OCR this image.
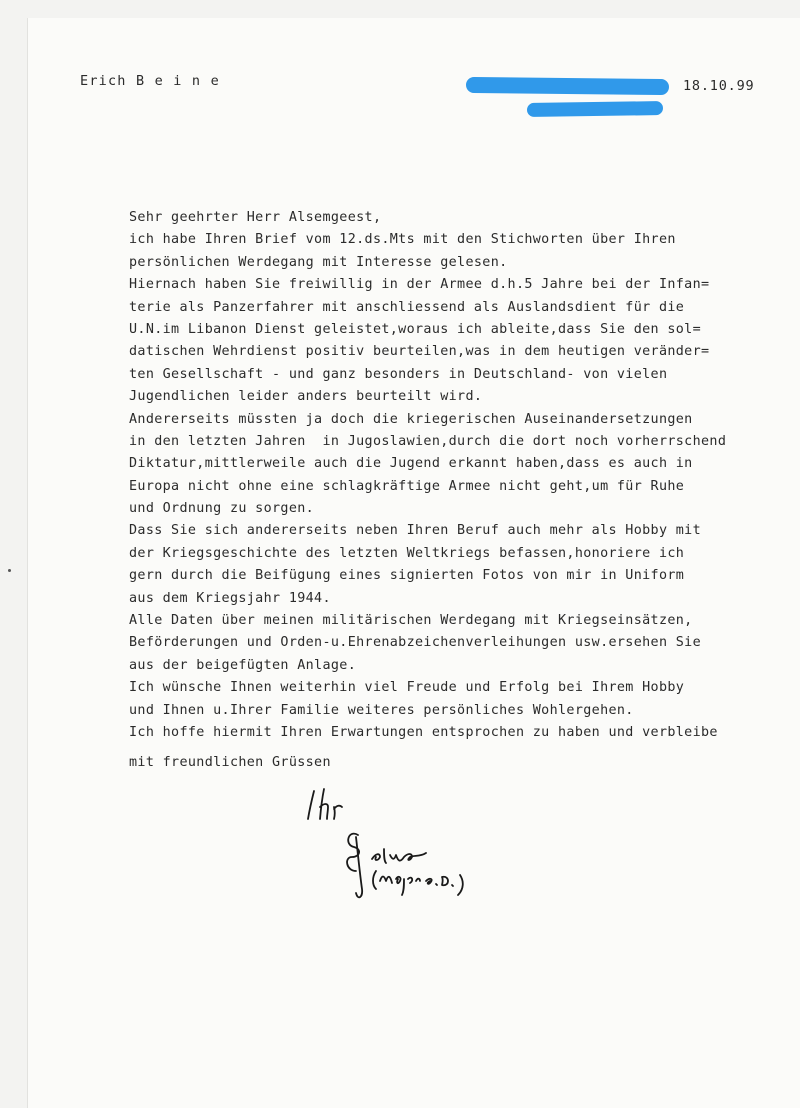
Erich B e i n e	18.10.99
Sehr geehrter Herr Alsemgeest,
ich habe Ihren Brief vom 12.ds.Mts mit den Stichworten über Ihren
persönlichen Werdegang mit Interesse gelesen.
Hiernach haben Sie freiwillig in der Armee d.h.5 Jahre bei der Infan=
terie als Panzerfahrer mit anschliessend als Auslandsdient für die
U.N.im Libanon Dienst geleistet,woraus ich ableite,dass Sie den sol=
datischen Wehrdienst positiv beurteilen,was in dem heutigen veränder=
ten Gesellschaft - und ganz besonders in Deutschland- von vielen
Jugendlichen leider anders beurteilt wird.
Andererseits müssten ja doch die kriegerischen Auseinandersetzungen
in den letzten Jahren  in Jugoslawien,durch die dort noch vorherrschend
Diktatur,mittlerweile auch die Jugend erkannt haben,dass es auch in
Europa nicht ohne eine schlagkräftige Armee nicht geht,um für Ruhe
und Ordnung zu sorgen.
Dass Sie sich andererseits neben Ihren Beruf auch mehr als Hobby mit
der Kriegsgeschichte des letzten Weltkriegs befassen,honoriere ich
gern durch die Beifügung eines signierten Fotos von mir in Uniform
aus dem Kriegsjahr 1944.
Alle Daten über meinen militärischen Werdegang mit Kriegseinsätzen,
Beförderungen und Orden-u.Ehrenabzeichenverleihungen usw.ersehen Sie
aus der beigefügten Anlage.
Ich wünsche Ihnen weiterhin viel Freude und Erfolg bei Ihrem Hobby
und Ihnen u.Ihrer Familie weiteres persönliches Wohlergehen.
Ich hoffe hiermit Ihren Erwartungen entsprochen zu haben und verbleibe
mit freundlichen Grüssen
